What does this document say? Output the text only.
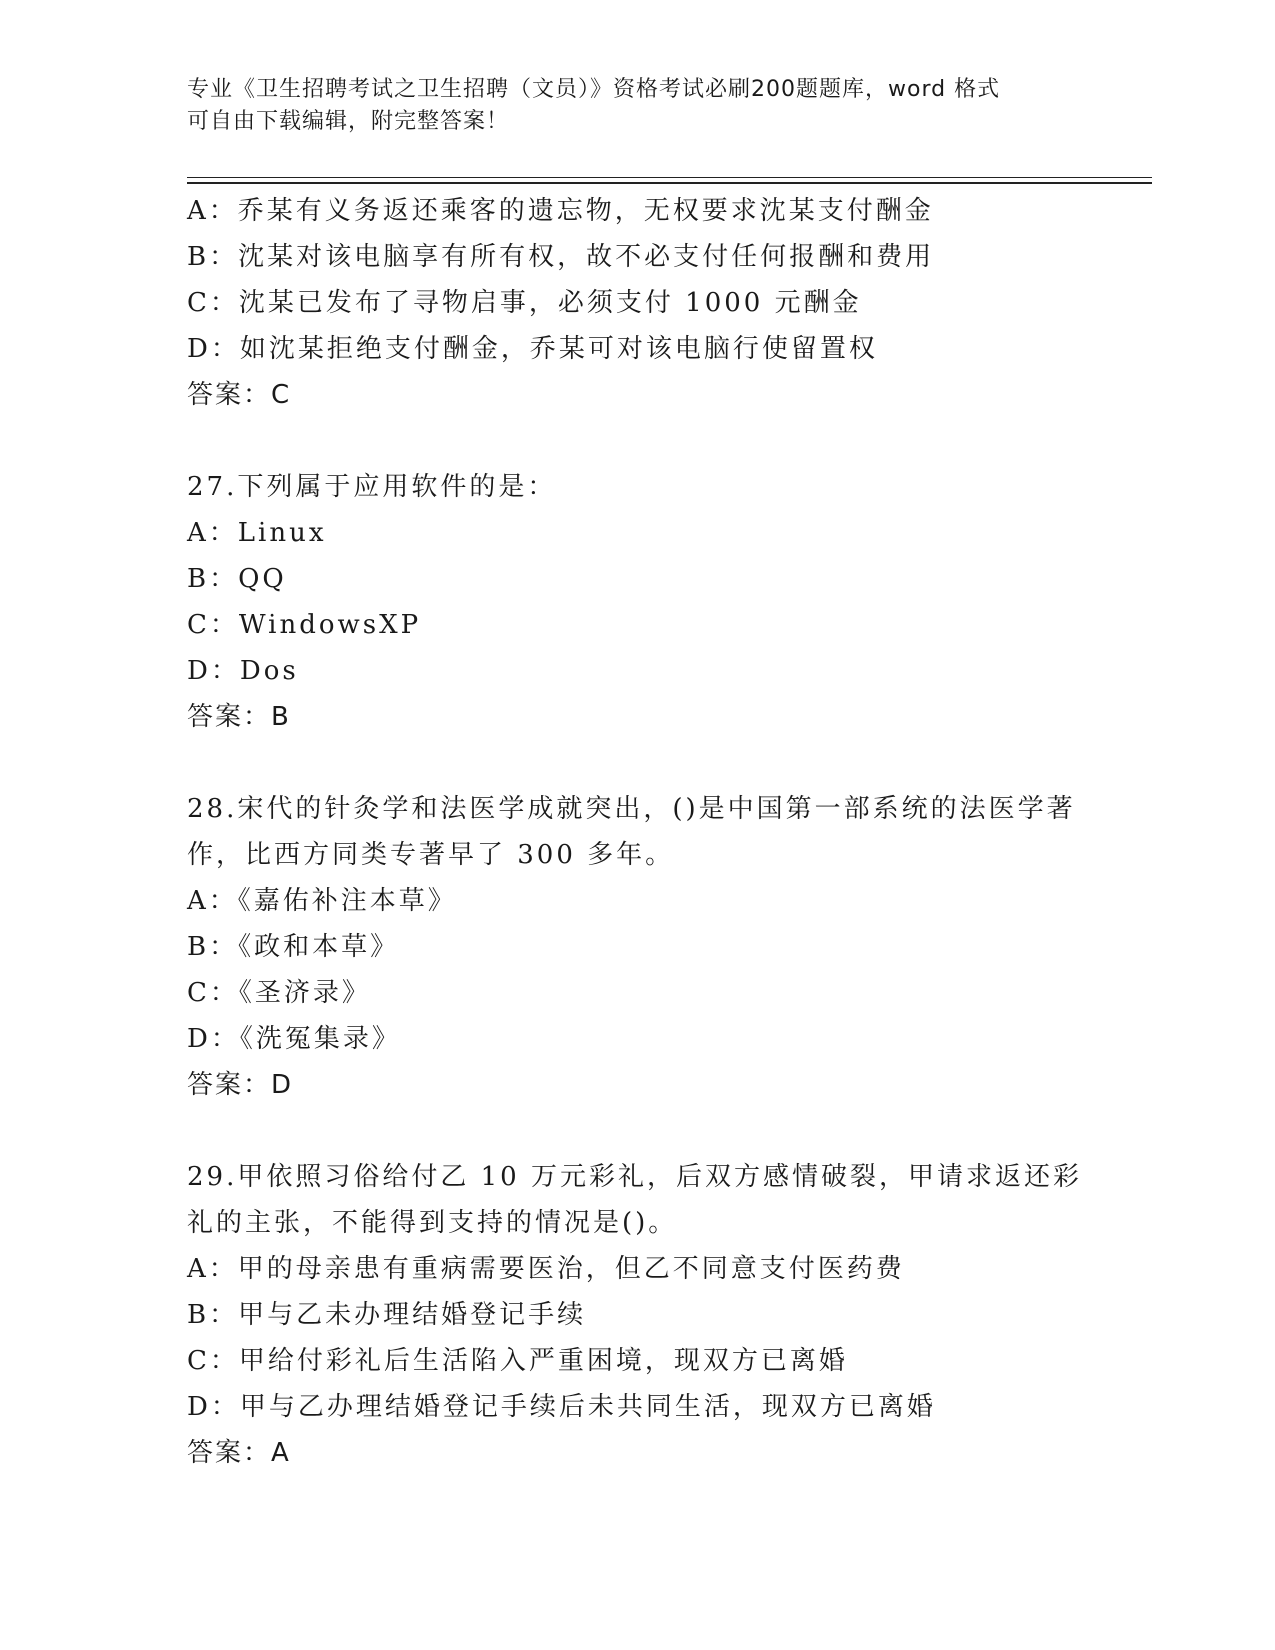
专业《卫生招聘考试之卫生招聘（文员）》资格考试必刷200题题库，word 格式
可自由下载编辑，附完整答案！
A：乔某有义务返还乘客的遗忘物，无权要求沈某支付酬金
B：沈某对该电脑享有所有权，故不必支付任何报酬和费用
C：沈某已发布了寻物启事，必须支付 1000 元酬金
D：如沈某拒绝支付酬金，乔某可对该电脑行使留置权
答案：C
27.下列属于应用软件的是：
A：Linux
B：QQ
C：WindowsXP
D：Dos
答案：B
28.宋代的针灸学和法医学成就突出，()是中国第一部系统的法医学著
作，比西方同类专著早了 300 多年。
A：《嘉佑补注本草》
B：《政和本草》
C：《圣济录》
D：《洗冤集录》
答案：D
29.甲依照习俗给付乙 10 万元彩礼，后双方感情破裂，甲请求返还彩
礼的主张，不能得到支持的情况是()。
A：甲的母亲患有重病需要医治，但乙不同意支付医药费
B：甲与乙未办理结婚登记手续
C：甲给付彩礼后生活陷入严重困境，现双方已离婚
D：甲与乙办理结婚登记手续后未共同生活，现双方已离婚
答案：A
